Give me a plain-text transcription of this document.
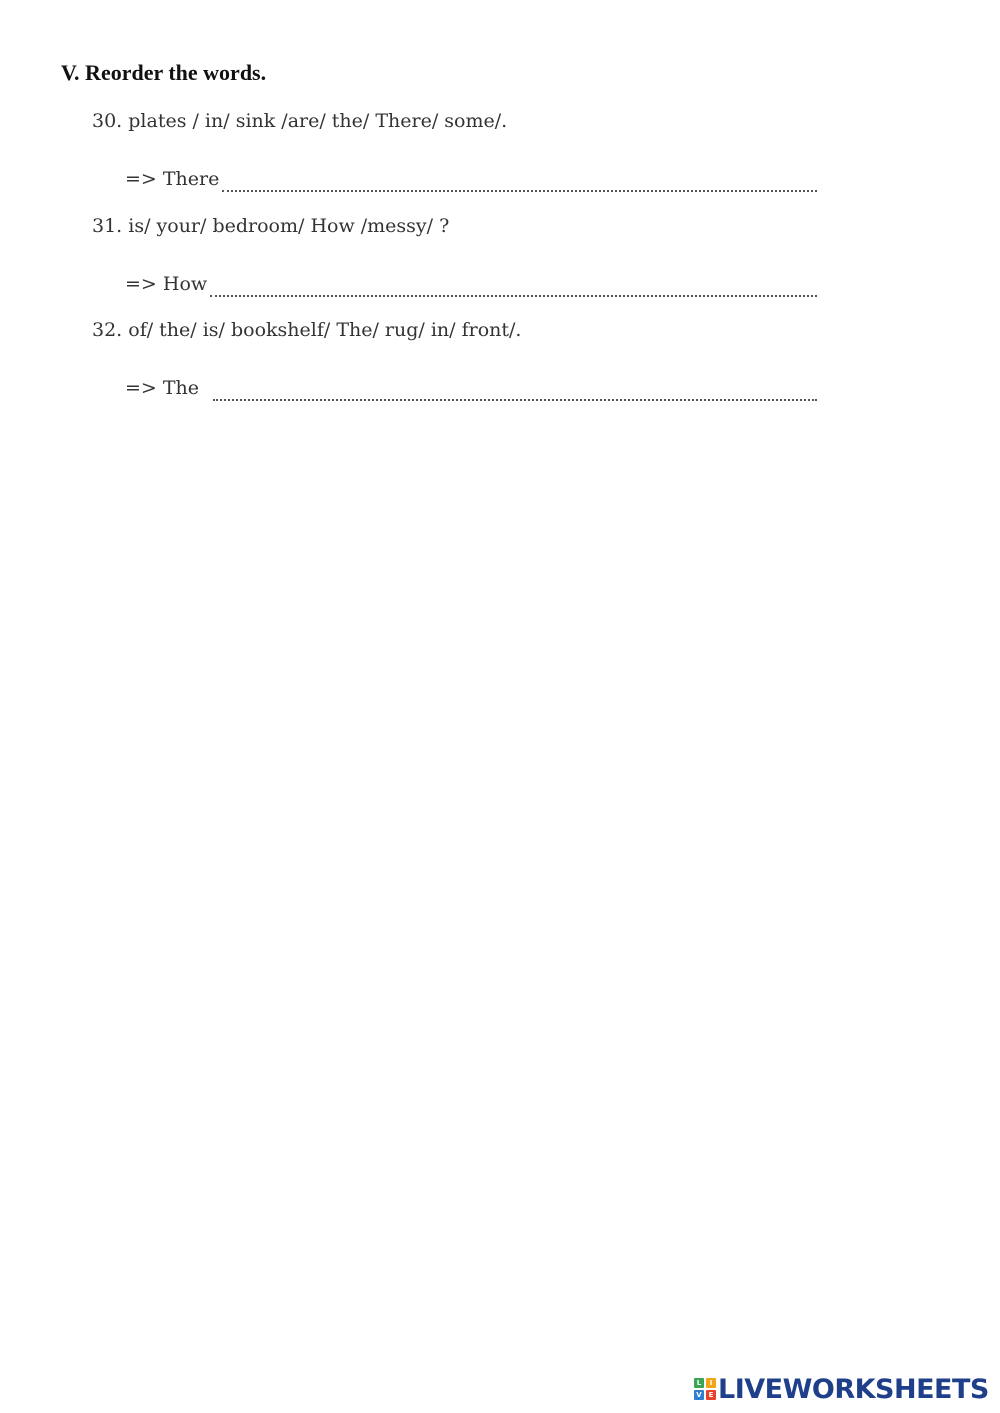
V. Reorder the words.
30. plates / in/ sink /are/ the/ There/ some/.
=> There
31. is/ your/ bedroom/ How /messy/ ?
=> How
32. of/ the/ is/ bookshelf/ The/ rug/ in/ front/.
=> The
L	I
V E LIVEWORKSHEETS
